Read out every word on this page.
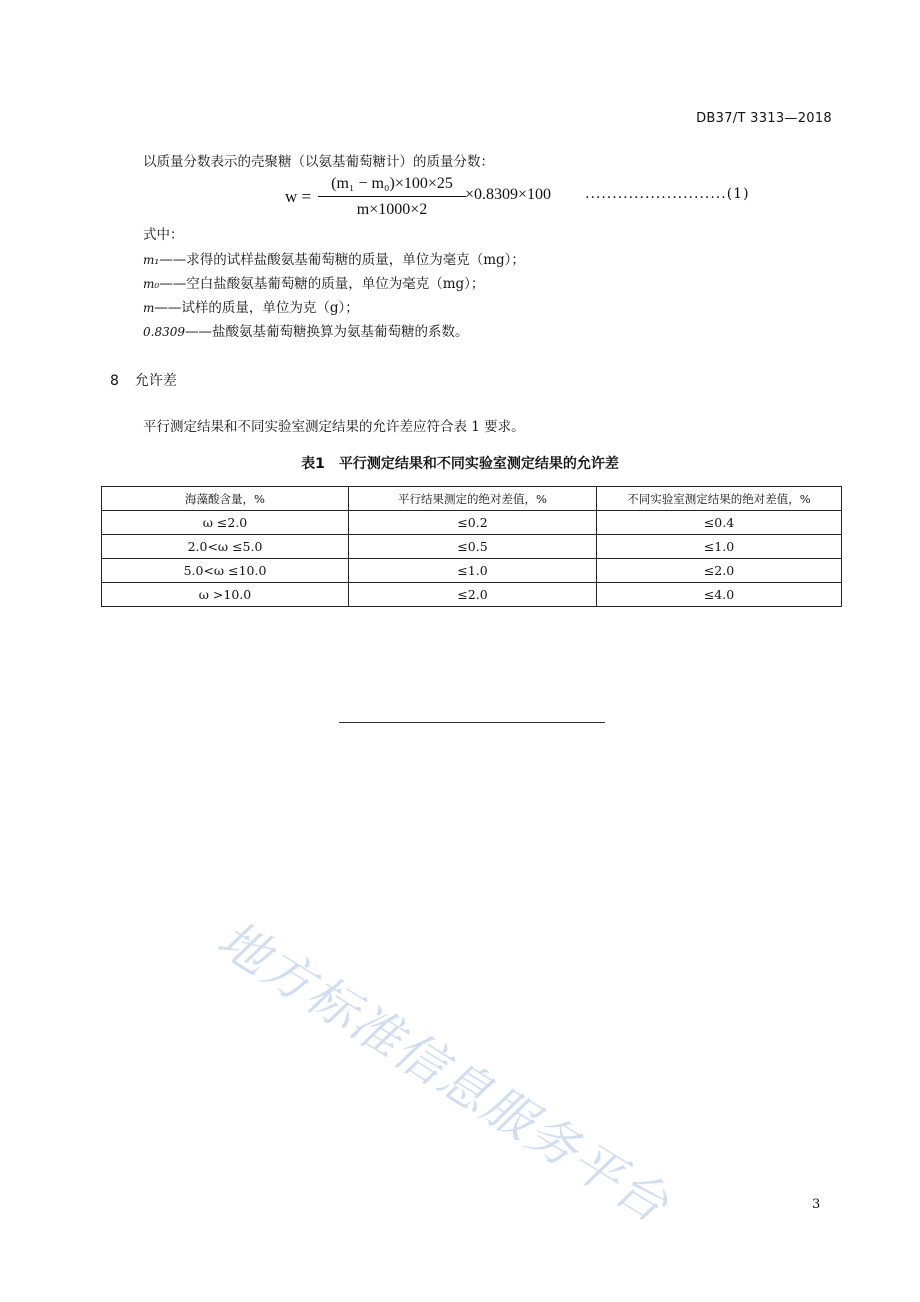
DB37/T 3313—2018
以质量分数表示的壳聚糖（以氨基葡萄糖计）的质量分数：
w =
(m₁ − m₀)×100×25
m×1000×2
×0.8309×100 ..........................(1)
式中：
m₁——求得的试样盐酸氨基葡萄糖的质量，单位为毫克（mg）；
m₀——空白盐酸氨基葡萄糖的质量，单位为毫克（mg）；
m——试样的质量，单位为克（g）；
0.8309——盐酸氨基葡萄糖换算为氨基葡萄糖的系数。
8 允许差
平行测定结果和不同实验室测定结果的允许差应符合表 1 要求。
表1　平行测定结果和不同实验室测定结果的允许差
海藻酸含量，%	平行结果测定的绝对差值，%	不同实验室测定结果的绝对差值，%
ω ≤2.0	≤0.2	≤0.4
2.0<ω ≤5.0	≤0.5	≤1.0
5.0<ω ≤10.0	≤1.0	≤2.0
ω >10.0	≤2.0	≤4.0
地方标准信息服务平台	3
